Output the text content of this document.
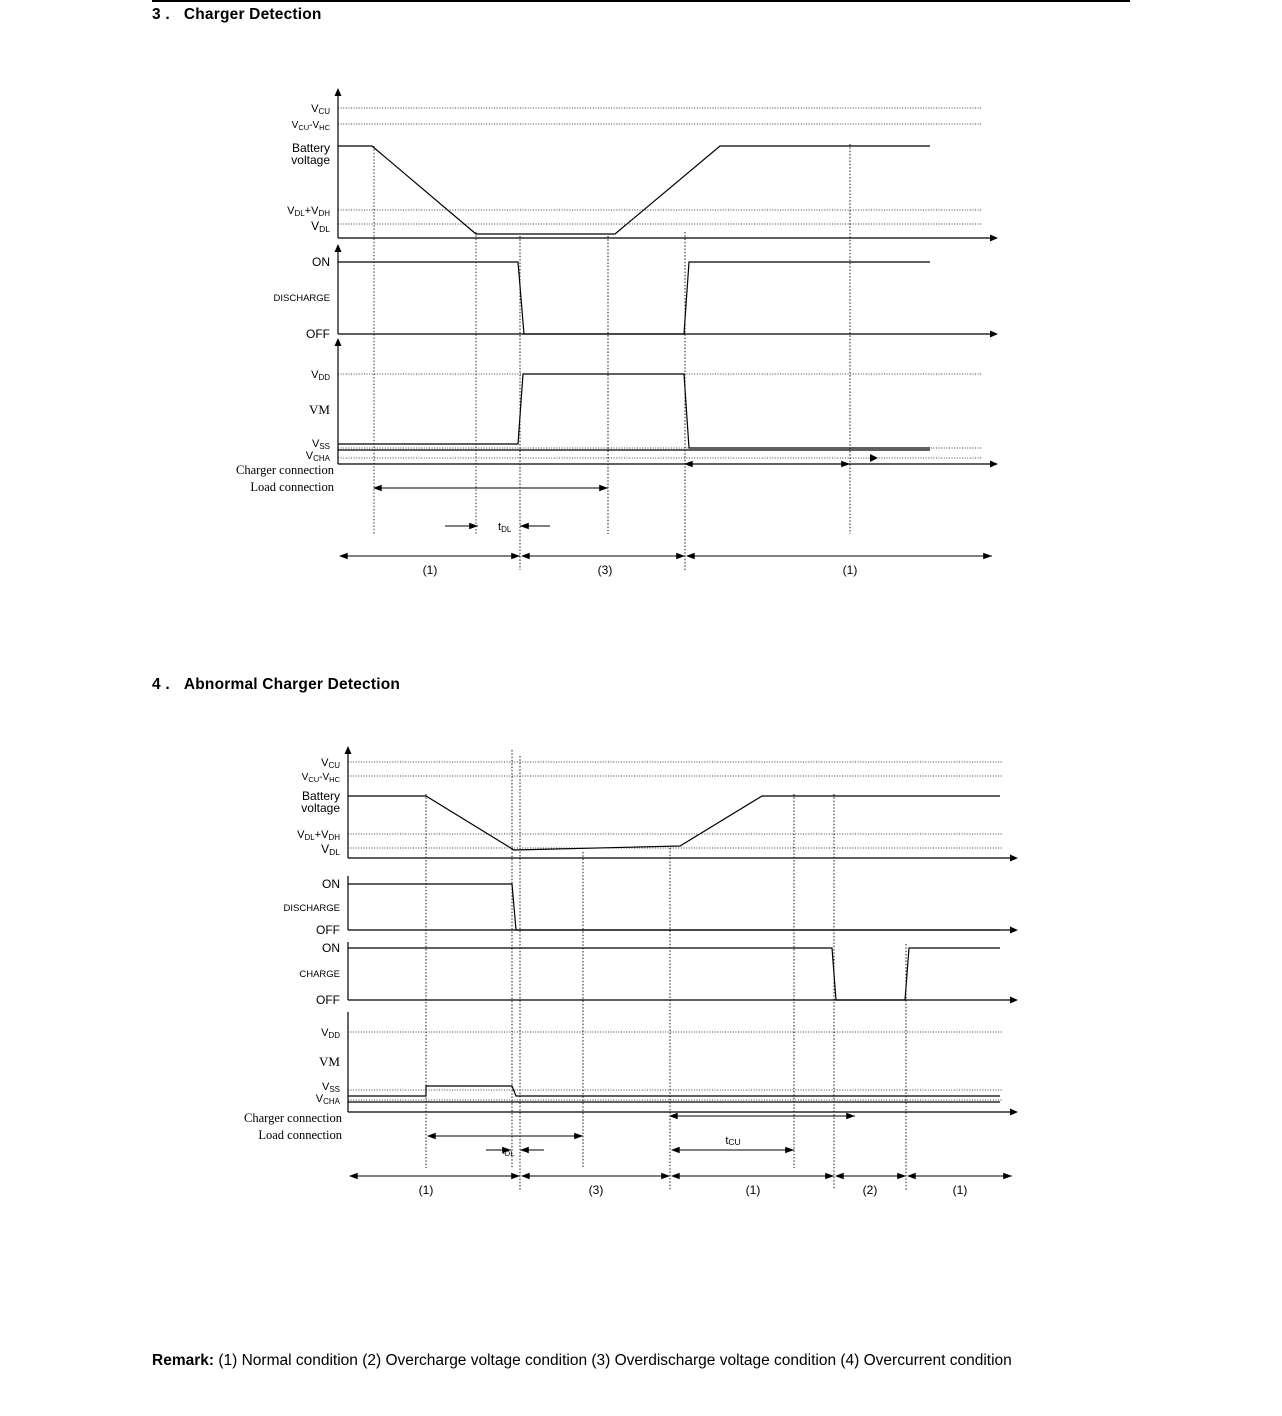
3 . Charger Detection
VCU
$V_{CU}-V_{HC}$
Battery
voltage
VDL+VDH
VDL
ON
DISCHARGE
OFF
VDD
VM
VSS
VCHA
Charger connection
Load connection
tDL
(1)	(3)	(1)
4 . Abnormal Charger Detection
VCU
$V_{CU}-V_{HC}$
Battery
voltage
VDL+VDH
VDL
ON
DISCHARGE
OFF
ON
CHARGE
OFF
VDD
VM
VSS
VCHA
Charger connection
Load connection
$t_{DL}$
tCU
(1)	(3)	(1)	(2)	(1)
Remark: (1) Normal condition (2) Overcharge voltage condition (3) Overdischarge voltage condition (4) Overcurrent condition
